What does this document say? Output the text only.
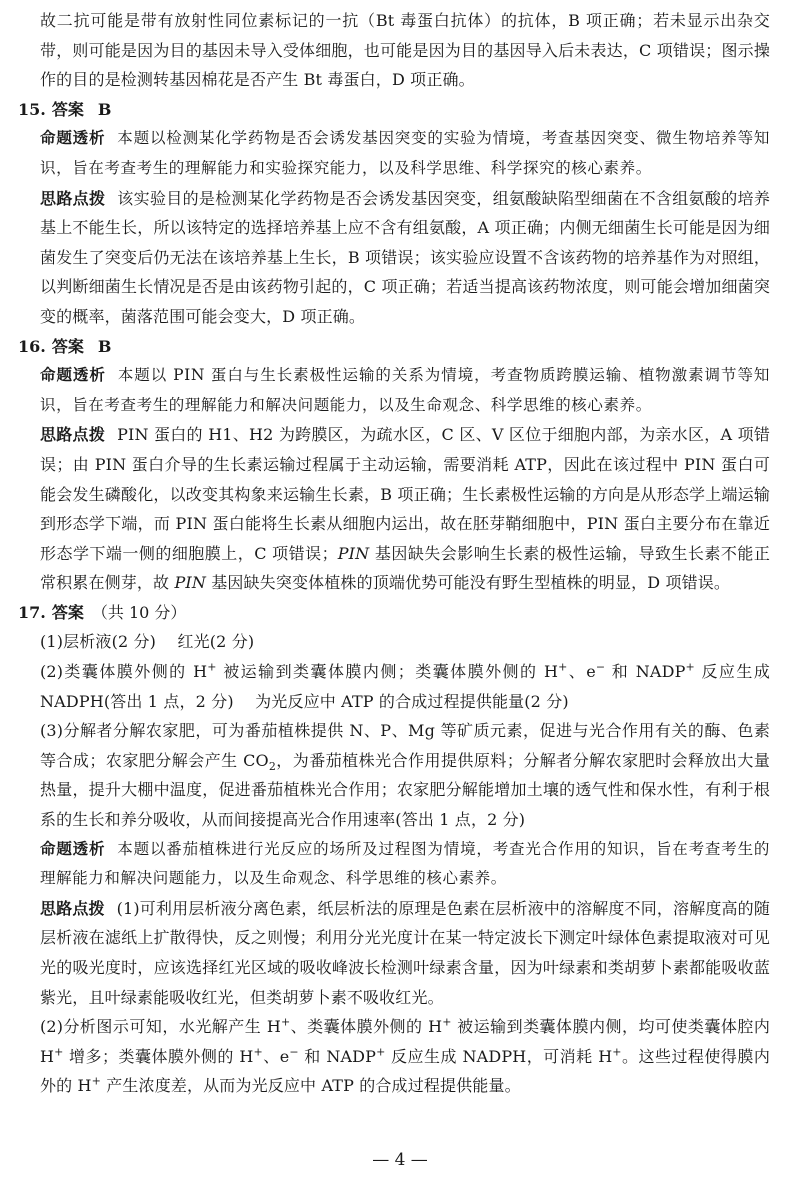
故二抗可能是带有放射性同位素标记的一抗（Bt 毒蛋白抗体）的抗体，B 项正确；若未显示出杂交带，则可能是因为目的基因未导入受体细胞，也可能是因为目的基因导入后未表达，C 项错误；图示操作的目的是检测转基因棉花是否产生 Bt 毒蛋白，D 项正确。

15. 答案 B

命题透析 本题以检测某化学药物是否会诱发基因突变的实验为情境，考查基因突变、微生物培养等知识，旨在考查考生的理解能力和实验探究能力，以及科学思维、科学探究的核心素养。

思路点拨 该实验目的是检测某化学药物是否会诱发基因突变，组氨酸缺陷型细菌在不含组氨酸的培养基上不能生长，所以该特定的选择培养基上应不含有组氨酸，A 项正确；内侧无细菌生长可能是因为细菌发生了突变后仍无法在该培养基上生长，B 项错误；该实验应设置不含该药物的培养基作为对照组，以判断细菌生长情况是否是由该药物引起的，C 项正确；若适当提高该药物浓度，则可能会增加细菌突变的概率，菌落范围可能会变大，D 项正确。

16. 答案 B

命题透析 本题以 PIN 蛋白与生长素极性运输的关系为情境，考查物质跨膜运输、植物激素调节等知识，旨在考查考生的理解能力和解决问题能力，以及生命观念、科学思维的核心素养。

思路点拨 PIN 蛋白的 H1、H2 为跨膜区，为疏水区，C 区、V 区位于细胞内部，为亲水区，A 项错误；由 PIN 蛋白介导的生长素运输过程属于主动运输，需要消耗 ATP，因此在该过程中 PIN 蛋白可能会发生磷酸化，以改变其构象来运输生长素，B 项正确；生长素极性运输的方向是从形态学上端运输到形态学下端，而 PIN 蛋白能将生长素从细胞内运出，故在胚芽鞘细胞中，PIN 蛋白主要分布在靠近形态学下端一侧的细胞膜上，C 项错误；PIN 基因缺失会影响生长素的极性运输，导致生长素不能正常积累在侧芽，故 PIN 基因缺失突变体植株的顶端优势可能没有野生型植株的明显，D 项错误。

17. 答案 （共 10 分）

(1)层析液(2 分)　 红光(2 分)

(2)类囊体膜外侧的 H+ 被运输到类囊体膜内侧；类囊体膜外侧的 H+、e− 和 NADP+ 反应生成 NADPH(答出 1 点，2 分)　 为光反应中 ATP 的合成过程提供能量(2 分)

(3)分解者分解农家肥，可为番茄植株提供 N、P、Mg 等矿质元素，促进与光合作用有关的酶、色素等合成；农家肥分解会产生 $CO_2$，为番茄植株光合作用提供原料；分解者分解农家肥时会释放出大量热量，提升大棚中温度，促进番茄植株光合作用；农家肥分解能增加土壤的透气性和保水性，有利于根系的生长和养分吸收，从而间接提高光合作用速率(答出 1 点，2 分)

命题透析 本题以番茄植株进行光反应的场所及过程图为情境，考查光合作用的知识，旨在考查考生的理解能力和解决问题能力，以及生命观念、科学思维的核心素养。

思路点拨 (1)可利用层析液分离色素，纸层析法的原理是色素在层析液中的溶解度不同，溶解度高的随层析液在滤纸上扩散得快，反之则慢；利用分光光度计在某一特定波长下测定叶绿体色素提取液对可见光的吸光度时，应该选择红光区域的吸收峰波长检测叶绿素含量，因为叶绿素和类胡萝卜素都能吸收蓝紫光，且叶绿素能吸收红光，但类胡萝卜素不吸收红光。

(2)分析图示可知，水光解产生 H+、类囊体膜外侧的 H+ 被运输到类囊体膜内侧，均可使类囊体腔内 H+ 增多；类囊体膜外侧的 H+、e− 和 NADP+ 反应生成 NADPH，可消耗 H+。这些过程使得膜内外的 H+ 产生浓度差，从而为光反应中 ATP 的合成过程提供能量。

— 4 —
